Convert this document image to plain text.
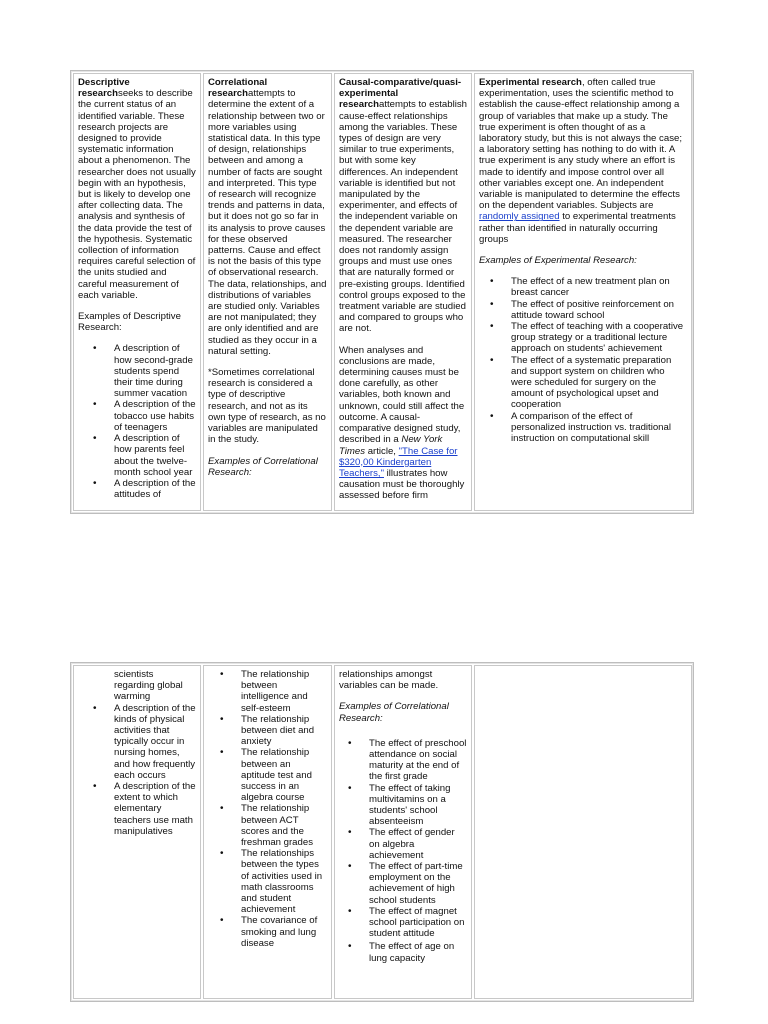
Descriptive researchseeks to describe the current status of an identified variable. These research projects are designed to provide systematic information about a phenomenon. The researcher does not usually begin with an hypothesis, but is likely to develop one after collecting data. The analysis and synthesis of the data provide the test of the hypothesis. Systematic collection of information requires careful selection of the units studied and careful measurement of each variable.

Examples of Descriptive Research:

• A description of how second-grade students spend their time during summer vacation
• A description of the tobacco use habits of teenagers
• A description of how parents feel about the twelve-month school year
• A description of the attitudes of

Correlational researchattempts to determine the extent of a relationship between two or more variables using statistical data. In this type of design, relationships between and among a number of facts are sought and interpreted. This type of research will recognize trends and patterns in data, but it does not go so far in its analysis to prove causes for these observed patterns. Cause and effect is not the basis of this type of observational research. The data, relationships, and distributions of variables are studied only. Variables are not manipulated; they are only identified and are studied as they occur in a natural setting.

*Sometimes correlational research is considered a type of descriptive research, and not as its own type of research, as no variables are manipulated in the study.

Examples of Correlational Research:

Causal-comparative/quasi-experimental researchattempts to establish cause-effect relationships among the variables. These types of design are very similar to true experiments, but with some key differences. An independent variable is identified but not manipulated by the experimenter, and effects of the independent variable on the dependent variable are measured. The researcher does not randomly assign groups and must use ones that are naturally formed or pre-existing groups. Identified control groups exposed to the treatment variable are studied and compared to groups who are not.

When analyses and conclusions are made, determining causes must be done carefully, as other variables, both known and unknown, could still affect the outcome. A causal-comparative designed study, described in a New York Times article, "The Case for $320,00 Kindergarten Teachers," illustrates how causation must be thoroughly assessed before firm

Experimental research, often called true experimentation, uses the scientific method to establish the cause-effect relationship among a group of variables that make up a study. The true experiment is often thought of as a laboratory study, but this is not always the case; a laboratory setting has nothing to do with it. A true experiment is any study where an effort is made to identify and impose control over all other variables except one. An independent variable is manipulated to determine the effects on the dependent variables. Subjects are randomly assigned to experimental treatments rather than identified in naturally occurring groups

Examples of Experimental Research:

• The effect of a new treatment plan on breast cancer
• The effect of positive reinforcement on attitude toward school
• The effect of teaching with a cooperative group strategy or a traditional lecture approach on students' achievement
• The effect of a systematic preparation and support system on children who were scheduled for surgery on the amount of psychological upset and cooperation
• A comparison of the effect of personalized instruction vs. traditional instruction on computational skill
scientists regarding global warming
• A description of the kinds of physical activities that typically occur in nursing homes, and how frequently each occurs
• A description of the extent to which elementary teachers use math manipulatives
• The relationship between intelligence and self-esteem
• The relationship between diet and anxiety
• The relationship between an aptitude test and success in an algebra course
• The relationship between ACT scores and the freshman grades
• The relationships between the types of activities used in math classrooms and student achievement
• The covariance of smoking and lung disease

relationships amongst variables can be made.

Examples of Correlational Research:

• The effect of preschool attendance on social maturity at the end of the first grade
• The effect of taking multivitamins on a students' school absenteeism
• The effect of gender on algebra achievement
• The effect of part-time employment on the achievement of high school students
• The effect of magnet school participation on student attitude
• The effect of age on lung capacity
